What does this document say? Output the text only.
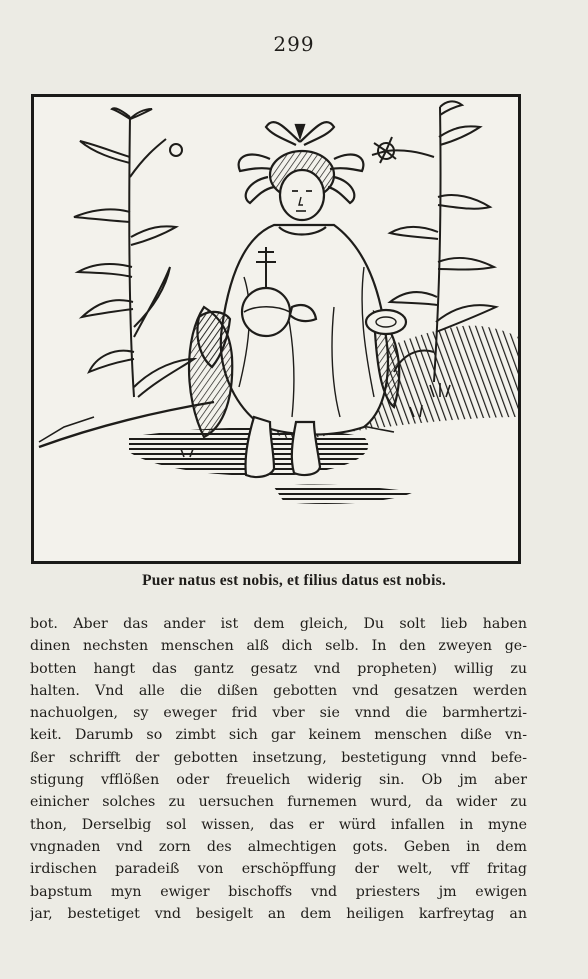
299
Puer natus est nobis, et filius datus est nobis.
bot. Aber das ander ist dem gleich, Du solt lieb haben
dinen nechsten menschen alß dich selb. In den zweyen ge-
botten hangt das gantz gesatz vnd propheten) willig zu
halten. Vnd alle die dißen gebotten vnd gesatzen werden
nachuolgen, sy eweger frid vber sie vnnd die barmhertzi-
keit. Darumb so zimbt sich gar keinem menschen diße vn-
ßer schrifft der gebotten insetzung, bestetigung vnnd befe-
stigung vfflößen oder freuelich widerig sin. Ob jm aber
einicher solches zu uersuchen furnemen wurd, da wider zu
thon, Derselbig sol wissen, das er würd infallen in myne
vngnaden vnd zorn des almechtigen gots. Geben in dem
irdischen paradeiß von erschöpffung der welt, vff fritag
bapstum myn ewiger bischoffs vnd priesters jm ewigen
jar, bestetiget vnd besigelt an dem heiligen karfreytag an
